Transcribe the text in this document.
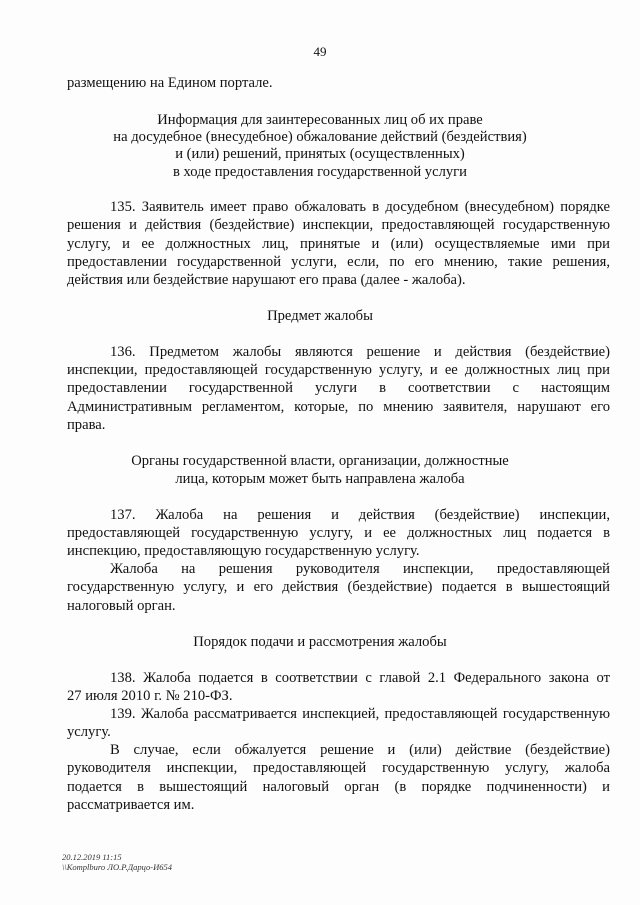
49
размещению на Едином портале.
Информация для заинтересованных лиц об их праве
на досудебное (внесудебное) обжалование действий (бездействия)
и (или) решений, принятых (осуществленных)
в ходе предоставления государственной услуги
135. Заявитель имеет право обжаловать в досудебном (внесудебном) порядке
решения и действия (бездействие) инспекции, предоставляющей государственную
услугу, и ее должностных лиц, принятые и (или) осуществляемые ими при
предоставлении государственной услуги, если, по его мнению, такие решения,
действия или бездействие нарушают его права (далее - жалоба).
Предмет жалобы
136. Предметом жалобы являются решение и действия (бездействие)
инспекции, предоставляющей государственную услугу, и ее должностных лиц при
предоставлении государственной услуги в соответствии с настоящим
Административным регламентом, которые, по мнению заявителя, нарушают его
права.
Органы государственной власти, организации, должностные
лица, которым может быть направлена жалоба
137. Жалоба на решения и действия (бездействие) инспекции,
предоставляющей государственную услугу, и ее должностных лиц подается в
инспекцию, предоставляющую государственную услугу.
Жалоба на решения руководителя инспекции, предоставляющей
государственную услугу, и его действия (бездействие) подается в вышестоящий
налоговый орган.
Порядок подачи и рассмотрения жалобы
138. Жалоба подается в соответствии с главой 2.1 Федерального закона от
27 июля 2010 г. № 210-ФЗ.
139. Жалоба рассматривается инспекцией, предоставляющей государственную
услугу.
В случае, если обжалуется решение и (или) действие (бездействие)
руководителя инспекции, предоставляющей государственную услугу, жалоба
подается в вышестоящий налоговый орган (в порядке подчиненности) и
рассматривается им.
20.12.2019 11:15
\\Komplburo ЛО.Р.Дарцо-И654
